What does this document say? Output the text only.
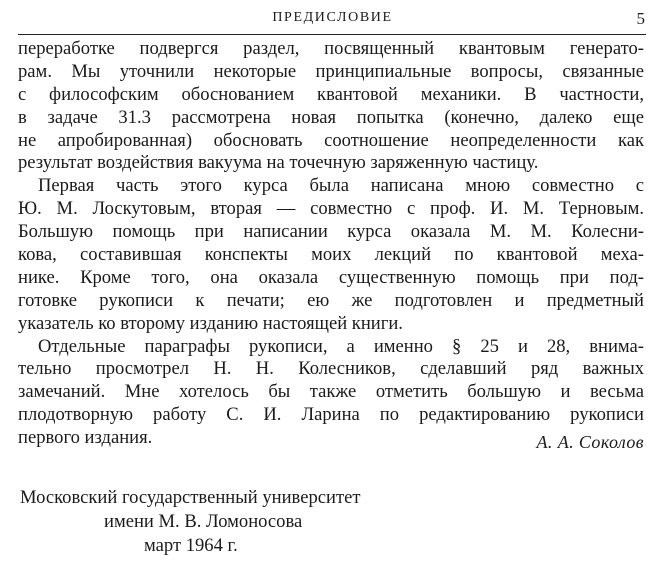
ПРЕДИСЛОВИЕ	5
переработке подвергся раздел, посвященный квантовым генерато-
рам. Мы уточнили некоторые принципиальные вопросы, связанные
с философским обоснованием квантовой механики. В частности,
в задаче 31.3 рассмотрена новая попытка (конечно, далеко еще
не апробированная) обосновать соотношение неопределенности как
результат воздействия вакуума на точечную заряженную частицу.
Первая часть этого курса была написана мною совместно с
Ю. М. Лоскутовым, вторая — совместно с проф. И. М. Терновым.
Большую помощь при написании курса оказала М. М. Колесни-
кова, составившая конспекты моих лекций по квантовой меха-
нике. Кроме того, она оказала существенную помощь при под-
готовке рукописи к печати; ею же подготовлен и предметный
указатель ко второму изданию настоящей книги.
Отдельные параграфы рукописи, а именно § 25 и 28, внима-
тельно просмотрел Н. Н. Колесников, сделавший ряд важных
замечаний. Мне хотелось бы также отметить большую и весьма
плодотворную работу С. И. Ларина по редактированию рукописи
первого издания.	А. А. Соколов
Московский государственный университет
имени М. В. Ломоносова
март 1964 г.
